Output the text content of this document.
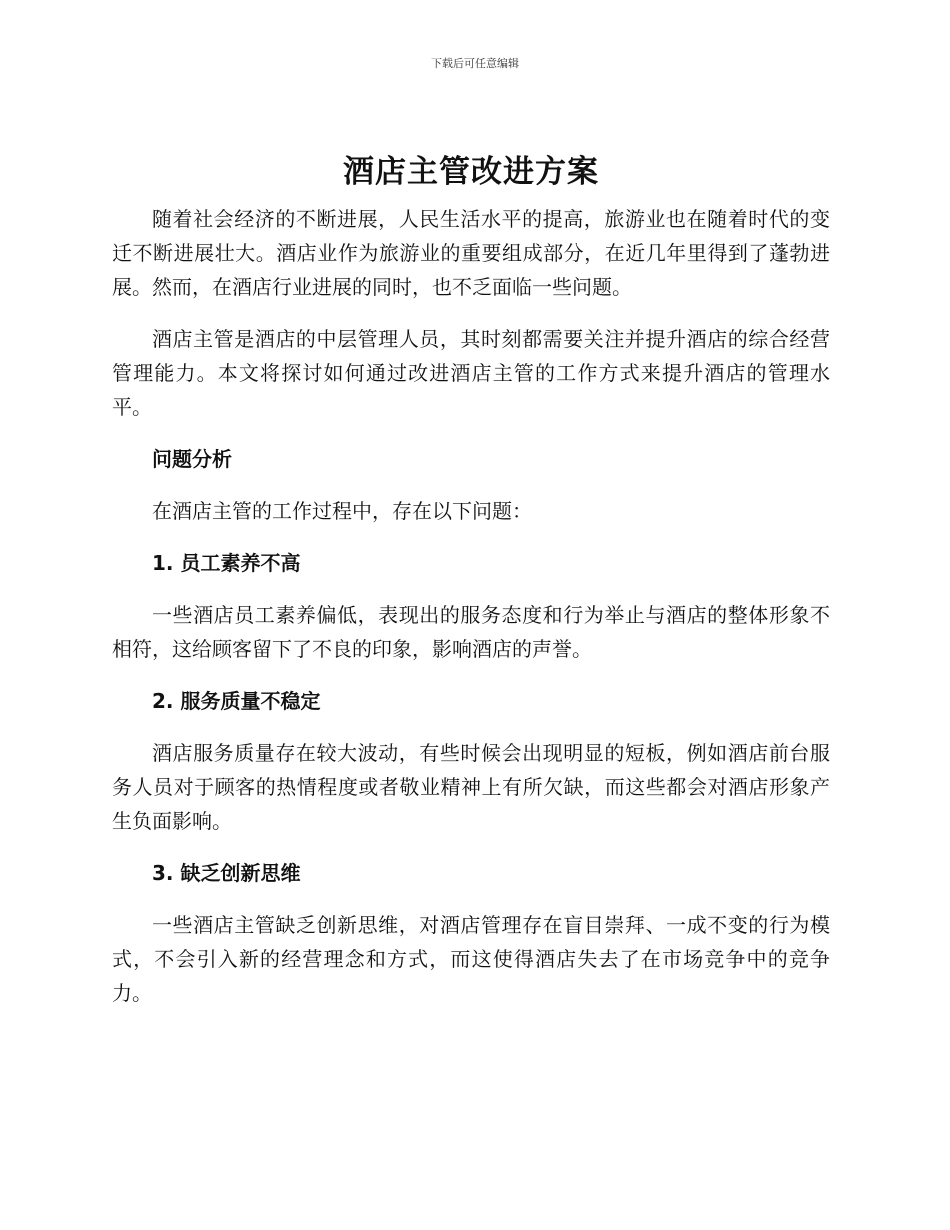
下载后可任意编辑
酒店主管改进方案

随着社会经济的不断进展，人民生活水平的提高，旅游业也在随着时代的变迁不断进展壮大。酒店业作为旅游业的重要组成部分，在近几年里得到了蓬勃进展。然而，在酒店行业进展的同时，也不乏面临一些问题。

酒店主管是酒店的中层管理人员，其时刻都需要关注并提升酒店的综合经营管理能力。本文将探讨如何通过改进酒店主管的工作方式来提升酒店的管理水平。

问题分析

在酒店主管的工作过程中，存在以下问题：

1. 员工素养不高

一些酒店员工素养偏低，表现出的服务态度和行为举止与酒店的整体形象不相符，这给顾客留下了不良的印象，影响酒店的声誉。

2. 服务质量不稳定

酒店服务质量存在较大波动，有些时候会出现明显的短板，例如酒店前台服务人员对于顾客的热情程度或者敬业精神上有所欠缺，而这些都会对酒店形象产生负面影响。

3. 缺乏创新思维

一些酒店主管缺乏创新思维，对酒店管理存在盲目崇拜、一成不变的行为模式，不会引入新的经营理念和方式，而这使得酒店失去了在市场竞争中的竞争力。
